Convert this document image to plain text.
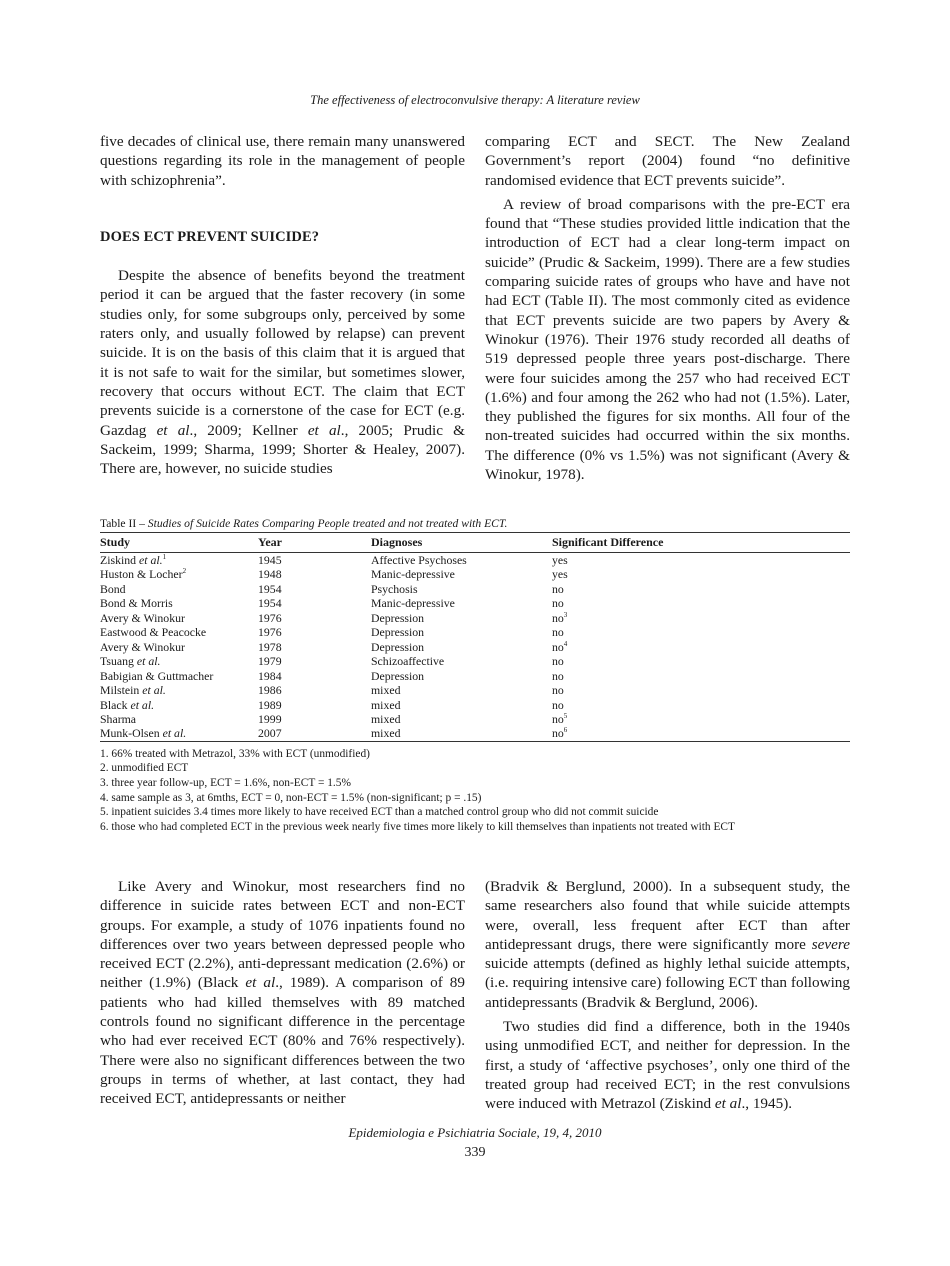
The effectiveness of electroconvulsive therapy: A literature review

five decades of clinical use, there remain many unanswered questions regarding its role in the management of people with schizophrenia”.

DOES ECT PREVENT SUICIDE?

Despite the absence of benefits beyond the treatment period it can be argued that the faster recovery (in some studies only, for some subgroups only, perceived by some raters only, and usually followed by relapse) can prevent suicide. It is on the basis of this claim that it is argued that it is not safe to wait for the similar, but sometimes slower, recovery that occurs without ECT. The claim that ECT prevents suicide is a cornerstone of the case for ECT (e.g. Gazdag et al., 2009; Kellner et al., 2005; Prudic & Sackeim, 1999; Sharma, 1999; Shorter & Healey, 2007). There are, however, no suicide studies

comparing ECT and SECT. The New Zealand Government’s report (2004) found “no definitive randomised evidence that ECT prevents suicide”.

A review of broad comparisons with the pre-ECT era found that “These studies provided little indication that the introduction of ECT had a clear long-term impact on suicide” (Prudic & Sackeim, 1999). There are a few studies comparing suicide rates of groups who have and have not had ECT (Table II). The most commonly cited as evidence that ECT prevents suicide are two papers by Avery & Winokur (1976). Their 1976 study recorded all deaths of 519 depressed people three years post-discharge. There were four suicides among the 257 who had received ECT (1.6%) and four among the 262 who had not (1.5%). Later, they published the figures for six months. All four of the non-treated suicides had occurred within the six months. The difference (0% vs 1.5%) was not significant (Avery & Winokur, 1978).

Table II – Studies of Suicide Rates Comparing People treated and not treated with ECT.
Study	Year	Diagnoses	Significant Difference
Ziskind et al.$^1$	1945	Affective Psychoses	yes
Huston & Locher$^2$	1948	Manic-depressive	yes
Bond	1954	Psychosis	no
Bond & Morris	1954	Manic-depressive	no
Avery & Winokur	1976	Depression	$no^3$
Eastwood & Peacocke	1976	Depression	no
Avery & Winokur	1978	Depression	$no^4$
Tsuang et al.	1979	Schizoaffective	no
Babigian & Guttmacher	1984	Depression	no
Milstein et al.	1986	mixed	no
Black et al.	1989	mixed	no
Sharma	1999	mixed	$no^5$
Munk-Olsen et al.	2007	mixed	$no^6$
1. 66% treated with Metrazol, 33% with ECT (unmodified)
2. unmodified ECT
3. three year follow-up, ECT = 1.6%, non-ECT = 1.5%
4. same sample as 3, at 6mths, ECT = 0, non-ECT = 1.5% (non-significant; p = .15)
5. inpatient suicides 3.4 times more likely to have received ECT than a matched control group who did not commit suicide
6. those who had completed ECT in the previous week nearly five times more likely to kill themselves than inpatients not treated with ECT

Like Avery and Winokur, most researchers find no difference in suicide rates between ECT and non-ECT groups. For example, a study of 1076 inpatients found no differences over two years between depressed people who received ECT (2.2%), anti-depressant medication (2.6%) or neither (1.9%) (Black et al., 1989). A comparison of 89 patients who had killed themselves with 89 matched controls found no significant difference in the percentage who had ever received ECT (80% and 76% respectively). There were also no significant differences between the two groups in terms of whether, at last contact, they had received ECT, antidepressants or neither

(Bradvik & Berglund, 2000). In a subsequent study, the same researchers also found that while suicide attempts were, overall, less frequent after ECT than after antidepressant drugs, there were significantly more severe suicide attempts (defined as highly lethal suicide attempts, (i.e. requiring intensive care) following ECT than following antidepressants (Bradvik & Berglund, 2006).

Two studies did find a difference, both in the 1940s using unmodified ECT, and neither for depression. In the first, a study of ‘affective psychoses’, only one third of the treated group had received ECT; in the rest convulsions were induced with Metrazol (Ziskind et al., 1945).

Epidemiologia e Psichiatria Sociale, 19, 4, 2010
339
